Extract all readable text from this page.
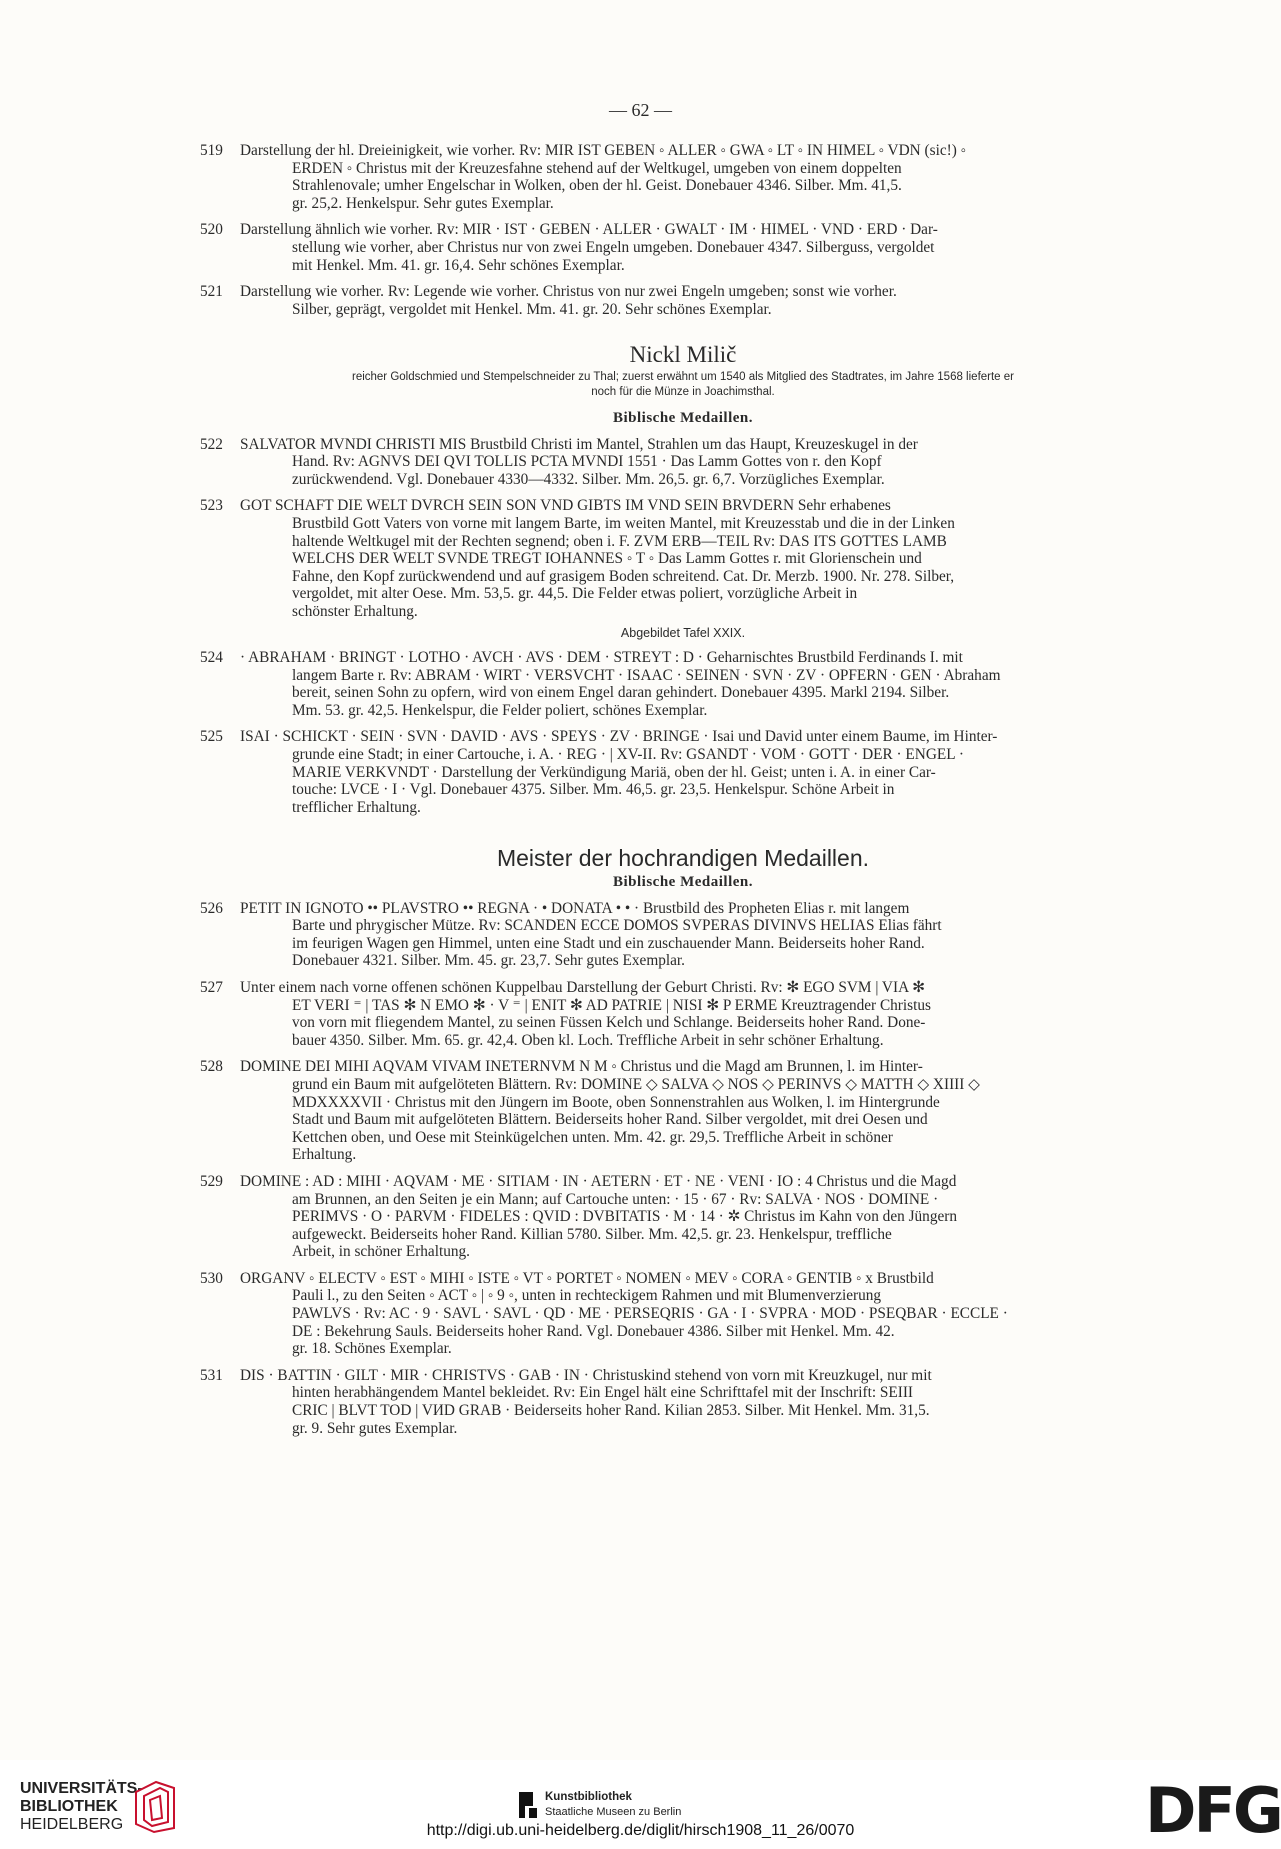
— 62 —
519	Darstellung der hl. Dreieinigkeit, wie vorher. Rv: MIR IST GEBEN ◦ ALLER ◦ GWA ◦ LT ◦ IN HIMEL ◦ VDN (sic!) ◦
ERDEN ◦ Christus mit der Kreuzesfahne stehend auf der Weltkugel, umgeben von einem doppelten
Strahlenovale; umher Engelschar in Wolken, oben der hl. Geist. Donebauer 4346. Silber. Mm. 41,5.
gr. 25,2. Henkelspur. Sehr gutes Exemplar.
520	Darstellung ähnlich wie vorher. Rv: MIR · IST · GEBEN · ALLER · GWALT · IM · HIMEL · VND · ERD · Dar-
stellung wie vorher, aber Christus nur von zwei Engeln umgeben. Donebauer 4347. Silberguss, vergoldet
mit Henkel. Mm. 41. gr. 16,4. Sehr schönes Exemplar.
521	Darstellung wie vorher. Rv: Legende wie vorher. Christus von nur zwei Engeln umgeben; sonst wie vorher.
Silber, geprägt, vergoldet mit Henkel. Mm. 41. gr. 20. Sehr schönes Exemplar.
Nickl Milič
reicher Goldschmied und Stempelschneider zu Thal; zuerst erwähnt um 1540 als Mitglied des Stadtrates, im Jahre 1568 lieferte er
noch für die Münze in Joachimsthal.
Biblische Medaillen.
522	SALVATOR MVNDI CHRISTI MIS Brustbild Christi im Mantel, Strahlen um das Haupt, Kreuzeskugel in der
Hand. Rv: AGNVS DEI QVI TOLLIS PCTA MVNDI 1551 · Das Lamm Gottes von r. den Kopf
zurückwendend. Vgl. Donebauer 4330—4332. Silber. Mm. 26,5. gr. 6,7. Vorzügliches Exemplar.
523	GOT SCHAFT DIE WELT DVRCH SEIN SON VND GIBTS IM VND SEIN BRVDERN Sehr erhabenes
Brustbild Gott Vaters von vorne mit langem Barte, im weiten Mantel, mit Kreuzesstab und die in der Linken
haltende Weltkugel mit der Rechten segnend; oben i. F. ZVM ERB—TEIL Rv: DAS ITS GOTTES LAMB
WELCHS DER WELT SVNDE TREGT IOHANNES ◦ T ◦ Das Lamm Gottes r. mit Glorienschein und
Fahne, den Kopf zurückwendend und auf grasigem Boden schreitend. Cat. Dr. Merzb. 1900. Nr. 278. Silber,
vergoldet, mit alter Oese. Mm. 53,5. gr. 44,5. Die Felder etwas poliert, vorzügliche Arbeit in
schönster Erhaltung.
Abgebildet Tafel XXIX.
524	· ABRAHAM · BRINGT · LOTHO · AVCH · AVS · DEM · STREYT : D · Geharnischtes Brustbild Ferdinands I. mit
langem Barte r. Rv: ABRAM · WIRT · VERSVCHT · ISAAC · SEINEN · SVN · ZV · OPFERN · GEN · Abraham
bereit, seinen Sohn zu opfern, wird von einem Engel daran gehindert. Donebauer 4395. Markl 2194. Silber.
Mm. 53. gr. 42,5. Henkelspur, die Felder poliert, schönes Exemplar.
525	ISAI · SCHICKT · SEIN · SVN · DAVID · AVS · SPEYS · ZV · BRINGE · Isai und David unter einem Baume, im Hinter-
grunde eine Stadt; in einer Cartouche, i. A. · REG · | XV-II. Rv: GSANDT · VOM · GOTT · DER · ENGEL ·
MARIE VERKVNDT · Darstellung der Verkündigung Mariä, oben der hl. Geist; unten i. A. in einer Car-
touche: LVCE · I · Vgl. Donebauer 4375. Silber. Mm. 46,5. gr. 23,5. Henkelspur. Schöne Arbeit in
trefflicher Erhaltung.
Meister der hochrandigen Medaillen.
Biblische Medaillen.
526	PETIT IN IGNOTO •• PLAVSTRO •• REGNA · • DONATA • • · Brustbild des Propheten Elias r. mit langem
Barte und phrygischer Mütze. Rv: SCANDEN ECCE DOMOS SVPERAS DIVINVS HELIAS Elias fährt
im feurigen Wagen gen Himmel, unten eine Stadt und ein zuschauender Mann. Beiderseits hoher Rand.
Donebauer 4321. Silber. Mm. 45. gr. 23,7. Sehr gutes Exemplar.
527	Unter einem nach vorne offenen schönen Kuppelbau Darstellung der Geburt Christi. Rv: ✻ EGO SVM | VIA ✻
ET VERI ⁼ | TAS ✻ N EMO ✻ · V ⁼ | ENIT ✻ AD PATRIE | NISI ✻ P ERME Kreuztragender Christus
von vorn mit fliegendem Mantel, zu seinen Füssen Kelch und Schlange. Beiderseits hoher Rand. Done-
bauer 4350. Silber. Mm. 65. gr. 42,4. Oben kl. Loch. Treffliche Arbeit in sehr schöner Erhaltung.
528	DOMINE DEI MIHI AQVAM VIVAM INETERNVM N M ◦ Christus und die Magd am Brunnen, l. im Hinter-
grund ein Baum mit aufgelöteten Blättern. Rv: DOMINE ◇ SALVA ◇ NOS ◇ PERINVS ◇ MATTH ◇ XIIII ◇
MDXXXXVII · Christus mit den Jüngern im Boote, oben Sonnenstrahlen aus Wolken, l. im Hintergrunde
Stadt und Baum mit aufgelöteten Blättern. Beiderseits hoher Rand. Silber vergoldet, mit drei Oesen und
Kettchen oben, und Oese mit Steinkügelchen unten. Mm. 42. gr. 29,5. Treffliche Arbeit in schöner
Erhaltung.
529	DOMINE : AD : MIHI · AQVAM · ME · SITIAM · IN · AETERN · ET · NE · VENI · IO : 4 Christus und die Magd
am Brunnen, an den Seiten je ein Mann; auf Cartouche unten: · 15 · 67 · Rv: SALVA · NOS · DOMINE ·
PERIMVS · O · PARVM · FIDELES : QVID : DVBITATIS · M · 14 · ✲ Christus im Kahn von den Jüngern
aufgeweckt. Beiderseits hoher Rand. Killian 5780. Silber. Mm. 42,5. gr. 23. Henkelspur, treffliche
Arbeit, in schöner Erhaltung.
530	ORGANV ◦ ELECTV ◦ EST ◦ MIHI ◦ ISTE ◦ VT ◦ PORTET ◦ NOMEN ◦ MEV ◦ CORA ◦ GENTIB ◦ x Brustbild
Pauli l., zu den Seiten ◦ ACT ◦ | ◦ 9 ◦, unten in rechteckigem Rahmen und mit Blumenverzierung
PAWLVS · Rv: AC · 9 · SAVL · SAVL · QD · ME · PERSEQRIS · GA · I · SVPRA · MOD · PSEQBAR · ECCLE ·
DE : Bekehrung Sauls. Beiderseits hoher Rand. Vgl. Donebauer 4386. Silber mit Henkel. Mm. 42.
gr. 18. Schönes Exemplar.
531	DIS · BATTIN · GILT · MIR · CHRISTVS · GAB · IN · Christuskind stehend von vorn mit Kreuzkugel, nur mit
hinten herabhängendem Mantel bekleidet. Rv: Ein Engel hält eine Schrifttafel mit der Inschrift: SEIII
CRIC | BLVT TOD | VИD GRAB · Beiderseits hoher Rand. Kilian 2853. Silber. Mit Henkel. Mm. 31,5.
gr. 9. Sehr gutes Exemplar.
UNIVERSITÄTS-
BIBLIOTHEK
HEIDELBERG
Kunstbibliothek
Staatliche Museen zu Berlin	DFG
http://digi.ub.uni-heidelberg.de/diglit/hirsch1908_11_26/0070
